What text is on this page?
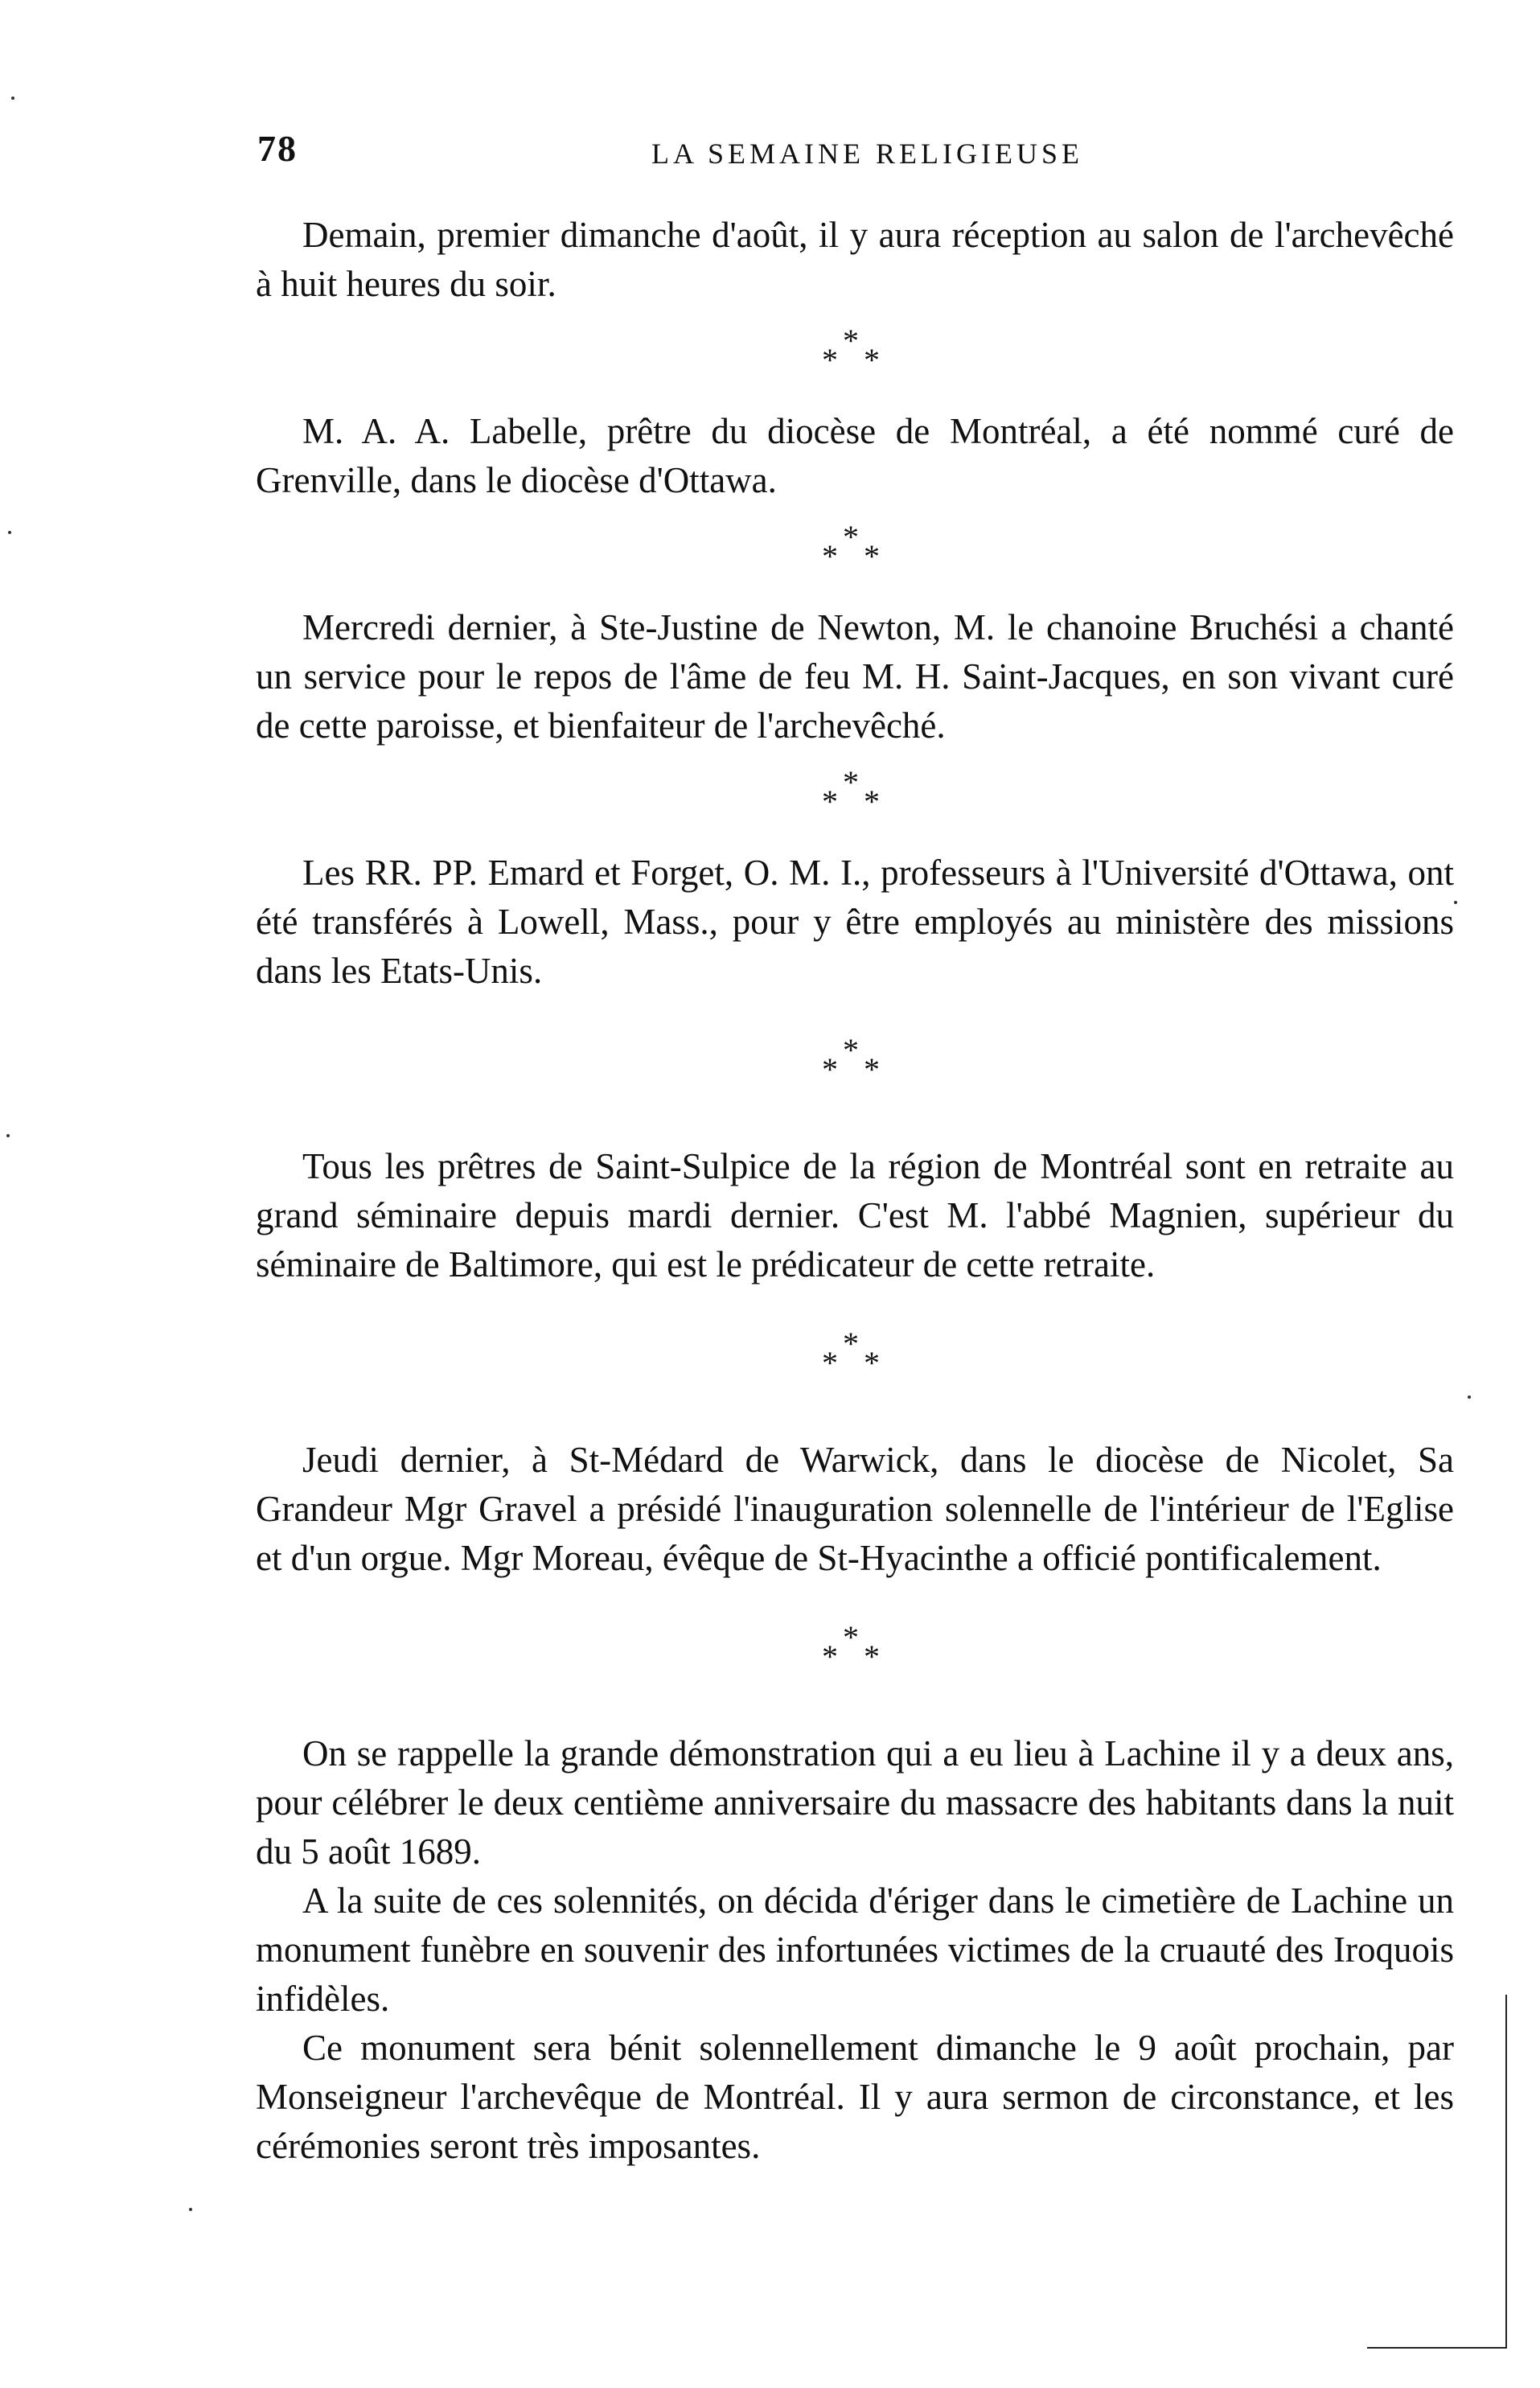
78	LA SEMAINE RELIGIEUSE

Demain, premier dimanche d'août, il y aura réception au salon de l'archevêché à huit heures du soir.

*
* *

M. A. A. Labelle, prêtre du diocèse de Montréal, a été nommé curé de Grenville, dans le diocèse d'Ottawa.

*
* *

Mercredi dernier, à Ste-Justine de Newton, M. le chanoine Bruchési a chanté un service pour le repos de l'âme de feu M. H. Saint-Jacques, en son vivant curé de cette paroisse, et bienfaiteur de l'archevêché.

*
* *

Les RR. PP. Emard et Forget, O. M. I., professeurs à l'Université d'Ottawa, ont été transférés à Lowell, Mass., pour y être employés au ministère des missions dans les Etats-Unis.

*
* *

Tous les prêtres de Saint-Sulpice de la région de Montréal sont en retraite au grand séminaire depuis mardi dernier. C'est M. l'abbé Magnien, supérieur du séminaire de Baltimore, qui est le prédicateur de cette retraite.

*
* *

Jeudi dernier, à St-Médard de Warwick, dans le diocèse de Nicolet, Sa Grandeur Mgr Gravel a présidé l'inauguration solennelle de l'intérieur de l'Eglise et d'un orgue. Mgr Moreau, évêque de St-Hyacinthe a officié pontificalement.

*
* *

On se rappelle la grande démonstration qui a eu lieu à Lachine il y a deux ans, pour célébrer le deux centième anniversaire du massacre des habitants dans la nuit du 5 août 1689.

A la suite de ces solennités, on décida d'ériger dans le cimetière de Lachine un monument funèbre en souvenir des infortunées victimes de la cruauté des Iroquois infidèles.

Ce monument sera bénit solennellement dimanche le 9 août prochain, par Monseigneur l'archevêque de Montréal. Il y aura sermon de circonstance, et les cérémonies seront très imposantes.
